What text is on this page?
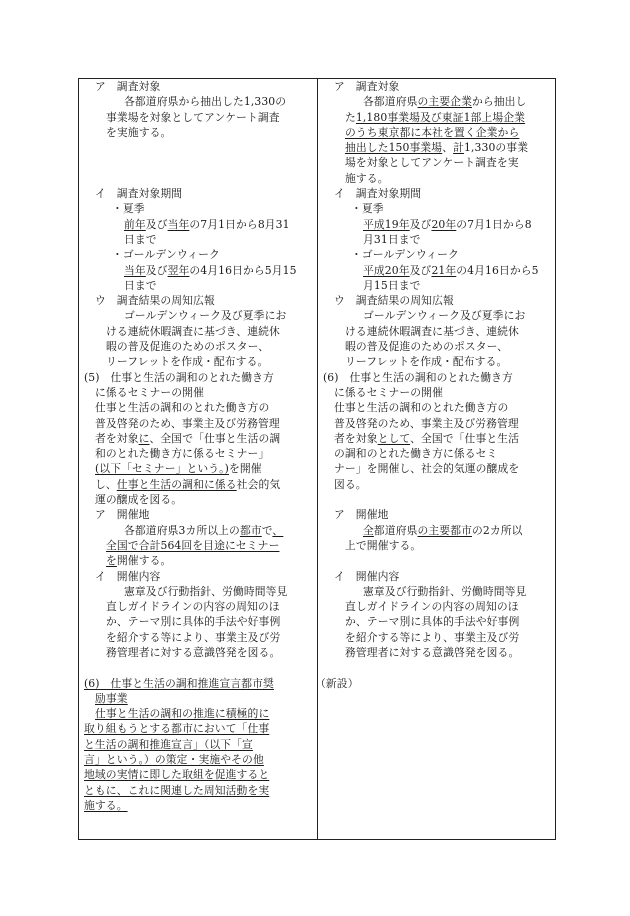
ア　調査対象
各都道府県から抽出した1,330の
事業場を対象としてアンケート調査
を実施する。
イ　調査対象期間
・夏季
前年及び当年の7月1日から8月31
日まで
・ゴールデンウィーク
当年及び翌年の4月16日から5月15
日まで
ウ　調査結果の周知広報
ゴールデンウィーク及び夏季にお
ける連続休暇調査に基づき、連続休
暇の普及促進のためのポスター、
リーフレットを作成・配布する。
(5)　仕事と生活の調和のとれた働き方
に係るセミナーの開催
仕事と生活の調和のとれた働き方の
普及啓発のため、事業主及び労務管理
者を対象に、全国で「仕事と生活の調
和のとれた働き方に係るセミナー」
(以下「セミナー」という。)を開催
し、仕事と生活の調和に係る社会的気
運の醸成を図る。
ア　開催地
各都道府県3カ所以上の都市で、
全国で合計564回を目途にセミナー
を開催する。
イ　開催内容
憲章及び行動指針、労働時間等見
直しガイドラインの内容の周知のほ
か、テーマ別に具体的手法や好事例
を紹介する等により、事業主及び労
務管理者に対する意識啓発を図る。
(6)　仕事と生活の調和推進宣言都市奨
励事業
仕事と生活の調和の推進に積極的に
取り組もうとする都市において「仕事
と生活の調和推進宣言」（以下「宣
言」という。）の策定・実施やその他
地域の実情に即した取組を促進すると
ともに、これに関連した周知活動を実
施する。
ア　調査対象
各都道府県の主要企業から抽出し
た1,180事業場及び東証1部上場企業
のうち東京都に本社を置く企業から
抽出した150事業場、計1,330の事業
場を対象としてアンケート調査を実
施する。
イ　調査対象期間
・夏季
平成19年及び20年の7月1日から8
月31日まで
・ゴールデンウィーク
平成20年及び21年の4月16日から5
月15日まで
ウ　調査結果の周知広報
ゴールデンウィーク及び夏季にお
ける連続休暇調査に基づき、連続休
暇の普及促進のためのポスター、
リーフレットを作成・配布する。
(6)　仕事と生活の調和のとれた働き方
に係るセミナーの開催
仕事と生活の調和のとれた働き方の
普及啓発のため、事業主及び労務管理
者を対象として、全国で「仕事と生活
の調和のとれた働き方に係るセミ
ナー」を開催し、社会的気運の醸成を
図る。
ア　開催地
全都道府県の主要都市の2カ所以
上で開催する。
イ　開催内容
憲章及び行動指針、労働時間等見
直しガイドラインの内容の周知のほ
か、テーマ別に具体的手法や好事例
を紹介する等により、事業主及び労
務管理者に対する意識啓発を図る。
（新設）
